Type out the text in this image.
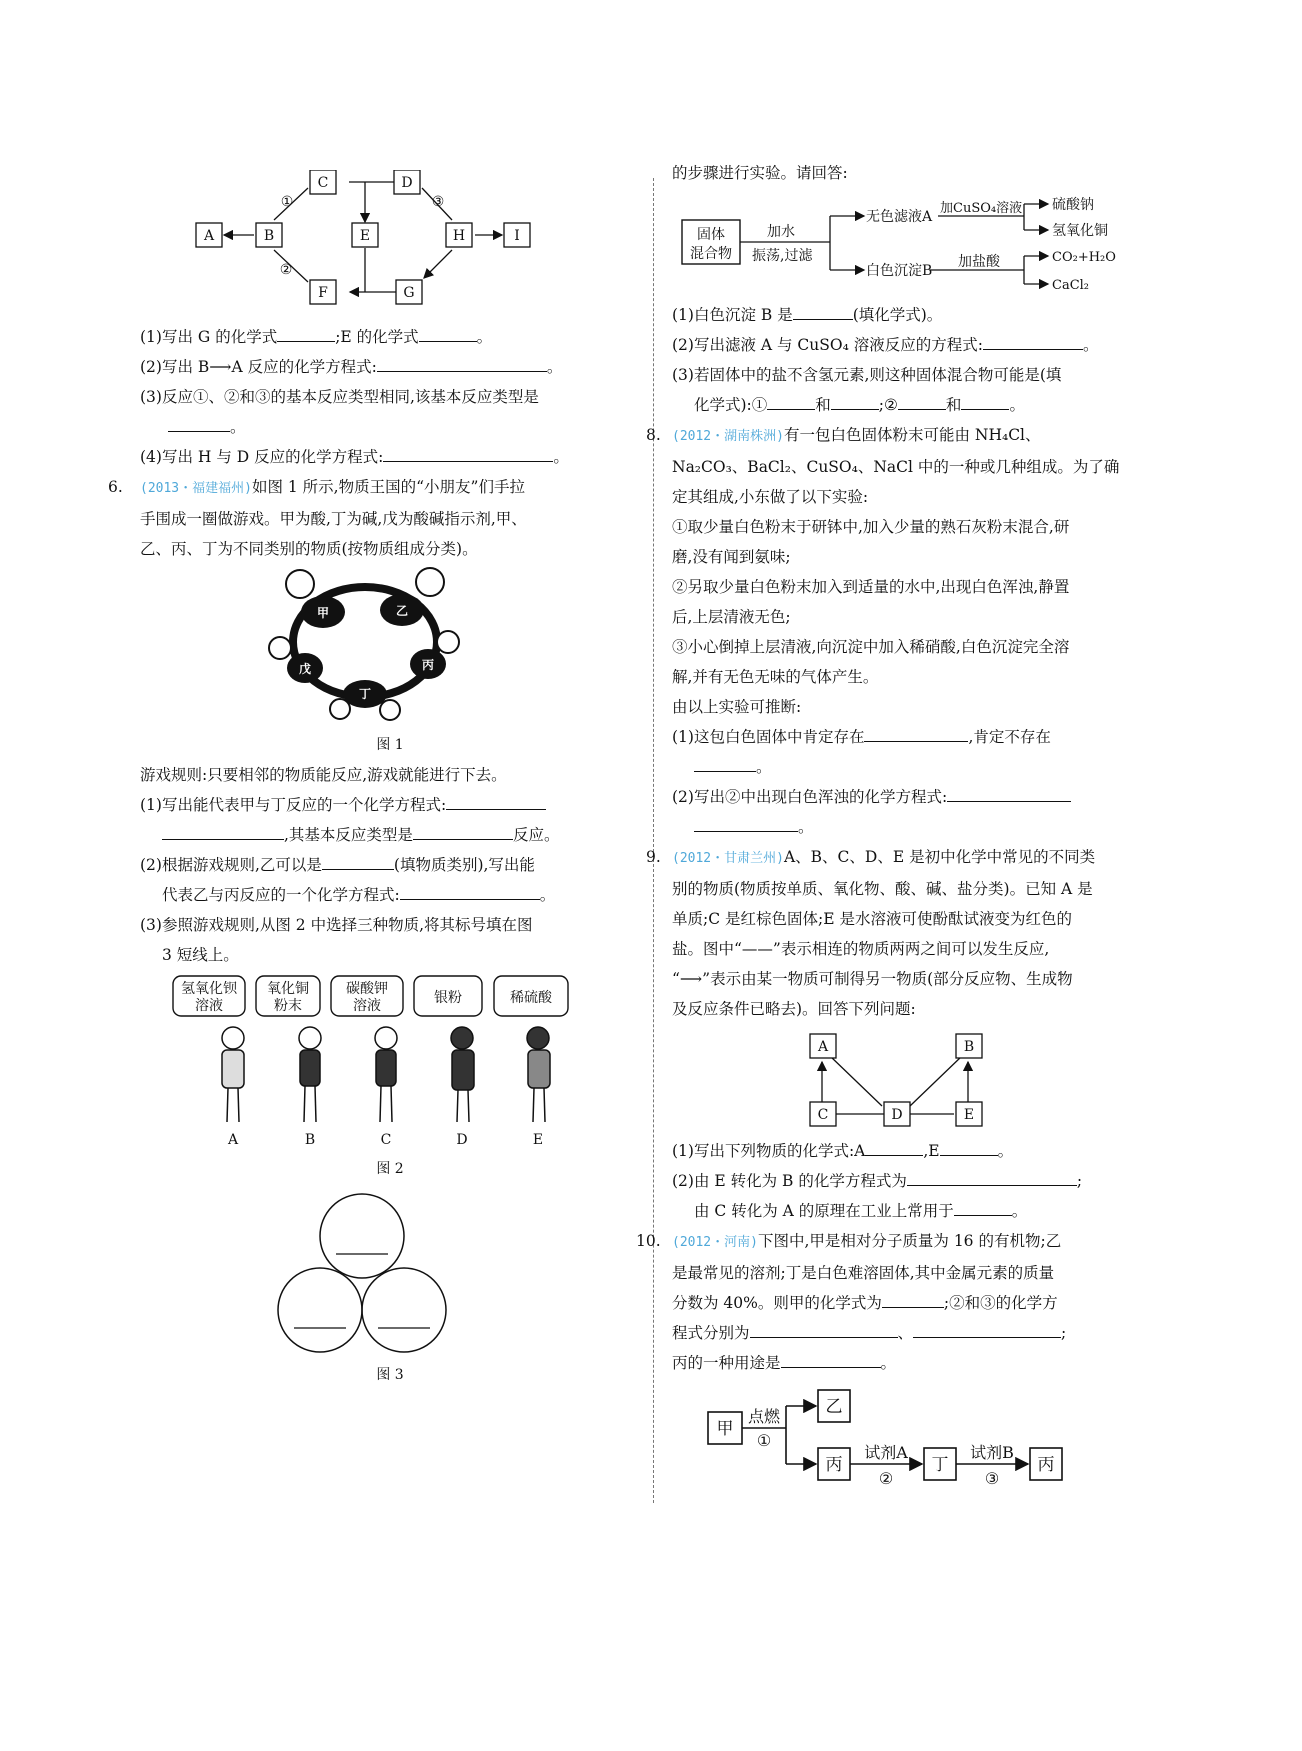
A	B
C	D
E	H	I
F	G
①
②
③

(1)写出 G 的化学式	;E 的化学式	。

(2)写出 B⟶A 反应的化学方程式:	。

(3)反应①、②和③的基本反应类型相同,该基本反应类型是
。

(4)写出 H 与 D 反应的化学方程式:	。

6. (2013・福建福州)如图 1 所示,物质王国的“小朋友”们手拉

手围成一圈做游戏。甲为酸,丁为碱,戊为酸碱指示剂,甲、

乙、丙、丁为不同类别的物质(按物质组成分类)。

甲	乙
丙
丁
戊

图 1

游戏规则:只要相邻的物质能反应,游戏就能进行下去。

(1)写出能代表甲与丁反应的一个化学方程式:

,其基本反应类型是	反应。

(2)根据游戏规则,乙可以是	(填物质类别),写出能

代表乙与丙反应的一个化学方程式:	。

(3)参照游戏规则,从图 2 中选择三种物质,将其标号填在图

3 短线上。

氢氧化钡
溶液
氧化铜
粉末
碳酸钾
溶液	银粉	稀硫酸
A	B	C	D	E

图 2

图 3

的步骤进行实验。请回答:

固体
混合物
加水
振荡,过滤
无色滤液A
加CuSO₄溶液 硫酸钠
氢氧化铜
白色沉淀B
加盐酸	CO₂+H₂O
CaCl₂

(1)白色沉淀 B 是	(填化学式)。

(2)写出滤液 A 与 CuSO₄ 溶液反应的方程式:	。

(3)若固体中的盐不含氢元素,则这种固体混合物可能是(填

化学式):①	和	;②	和	。

8. (2012・湖南株洲)有一包白色固体粉末可能由 NH₄Cl、

Na₂CO₃、BaCl₂、CuSO₄、NaCl 中的一种或几种组成。为了确

定其组成,小东做了以下实验:

①取少量白色粉末于研钵中,加入少量的熟石灰粉末混合,研

磨,没有闻到氨味;

②另取少量白色粉末加入到适量的水中,出现白色浑浊,静置

后,上层清液无色;

③小心倒掉上层清液,向沉淀中加入稀硝酸,白色沉淀完全溶

解,并有无色无味的气体产生。

由以上实验可推断:

(1)这包白色固体中肯定存在	,肯定不存在

。

(2)写出②中出现白色浑浊的化学方程式:

。

9. (2012・甘肃兰州)A、B、C、D、E 是初中化学中常见的不同类

别的物质(物质按单质、氧化物、酸、碱、盐分类)。已知 A 是

单质;C 是红棕色固体;E 是水溶液可使酚酞试液变为红色的

盐。图中“——”表示相连的物质两两之间可以发生反应,

“⟶”表示由某一物质可制得另一物质(部分反应物、生成物

及反应条件已略去)。回答下列问题:

A	B
C	D	E

(1)写出下列物质的化学式:A	,E	。

(2)由 E 转化为 B 的化学方程式为	;

由 C 转化为 A 的原理在工业上常用于	。

10. (2012・河南)下图中,甲是相对分子质量为 16 的有机物;乙

是最常见的溶剂;丁是白色难溶固体,其中金属元素的质量

分数为 40%。则甲的化学式为	;②和③的化学方

程式分别为	、	;

丙的一种用途是	。

甲
乙
丙	丁	丙
点燃
①
试剂A
②
试剂B
③
